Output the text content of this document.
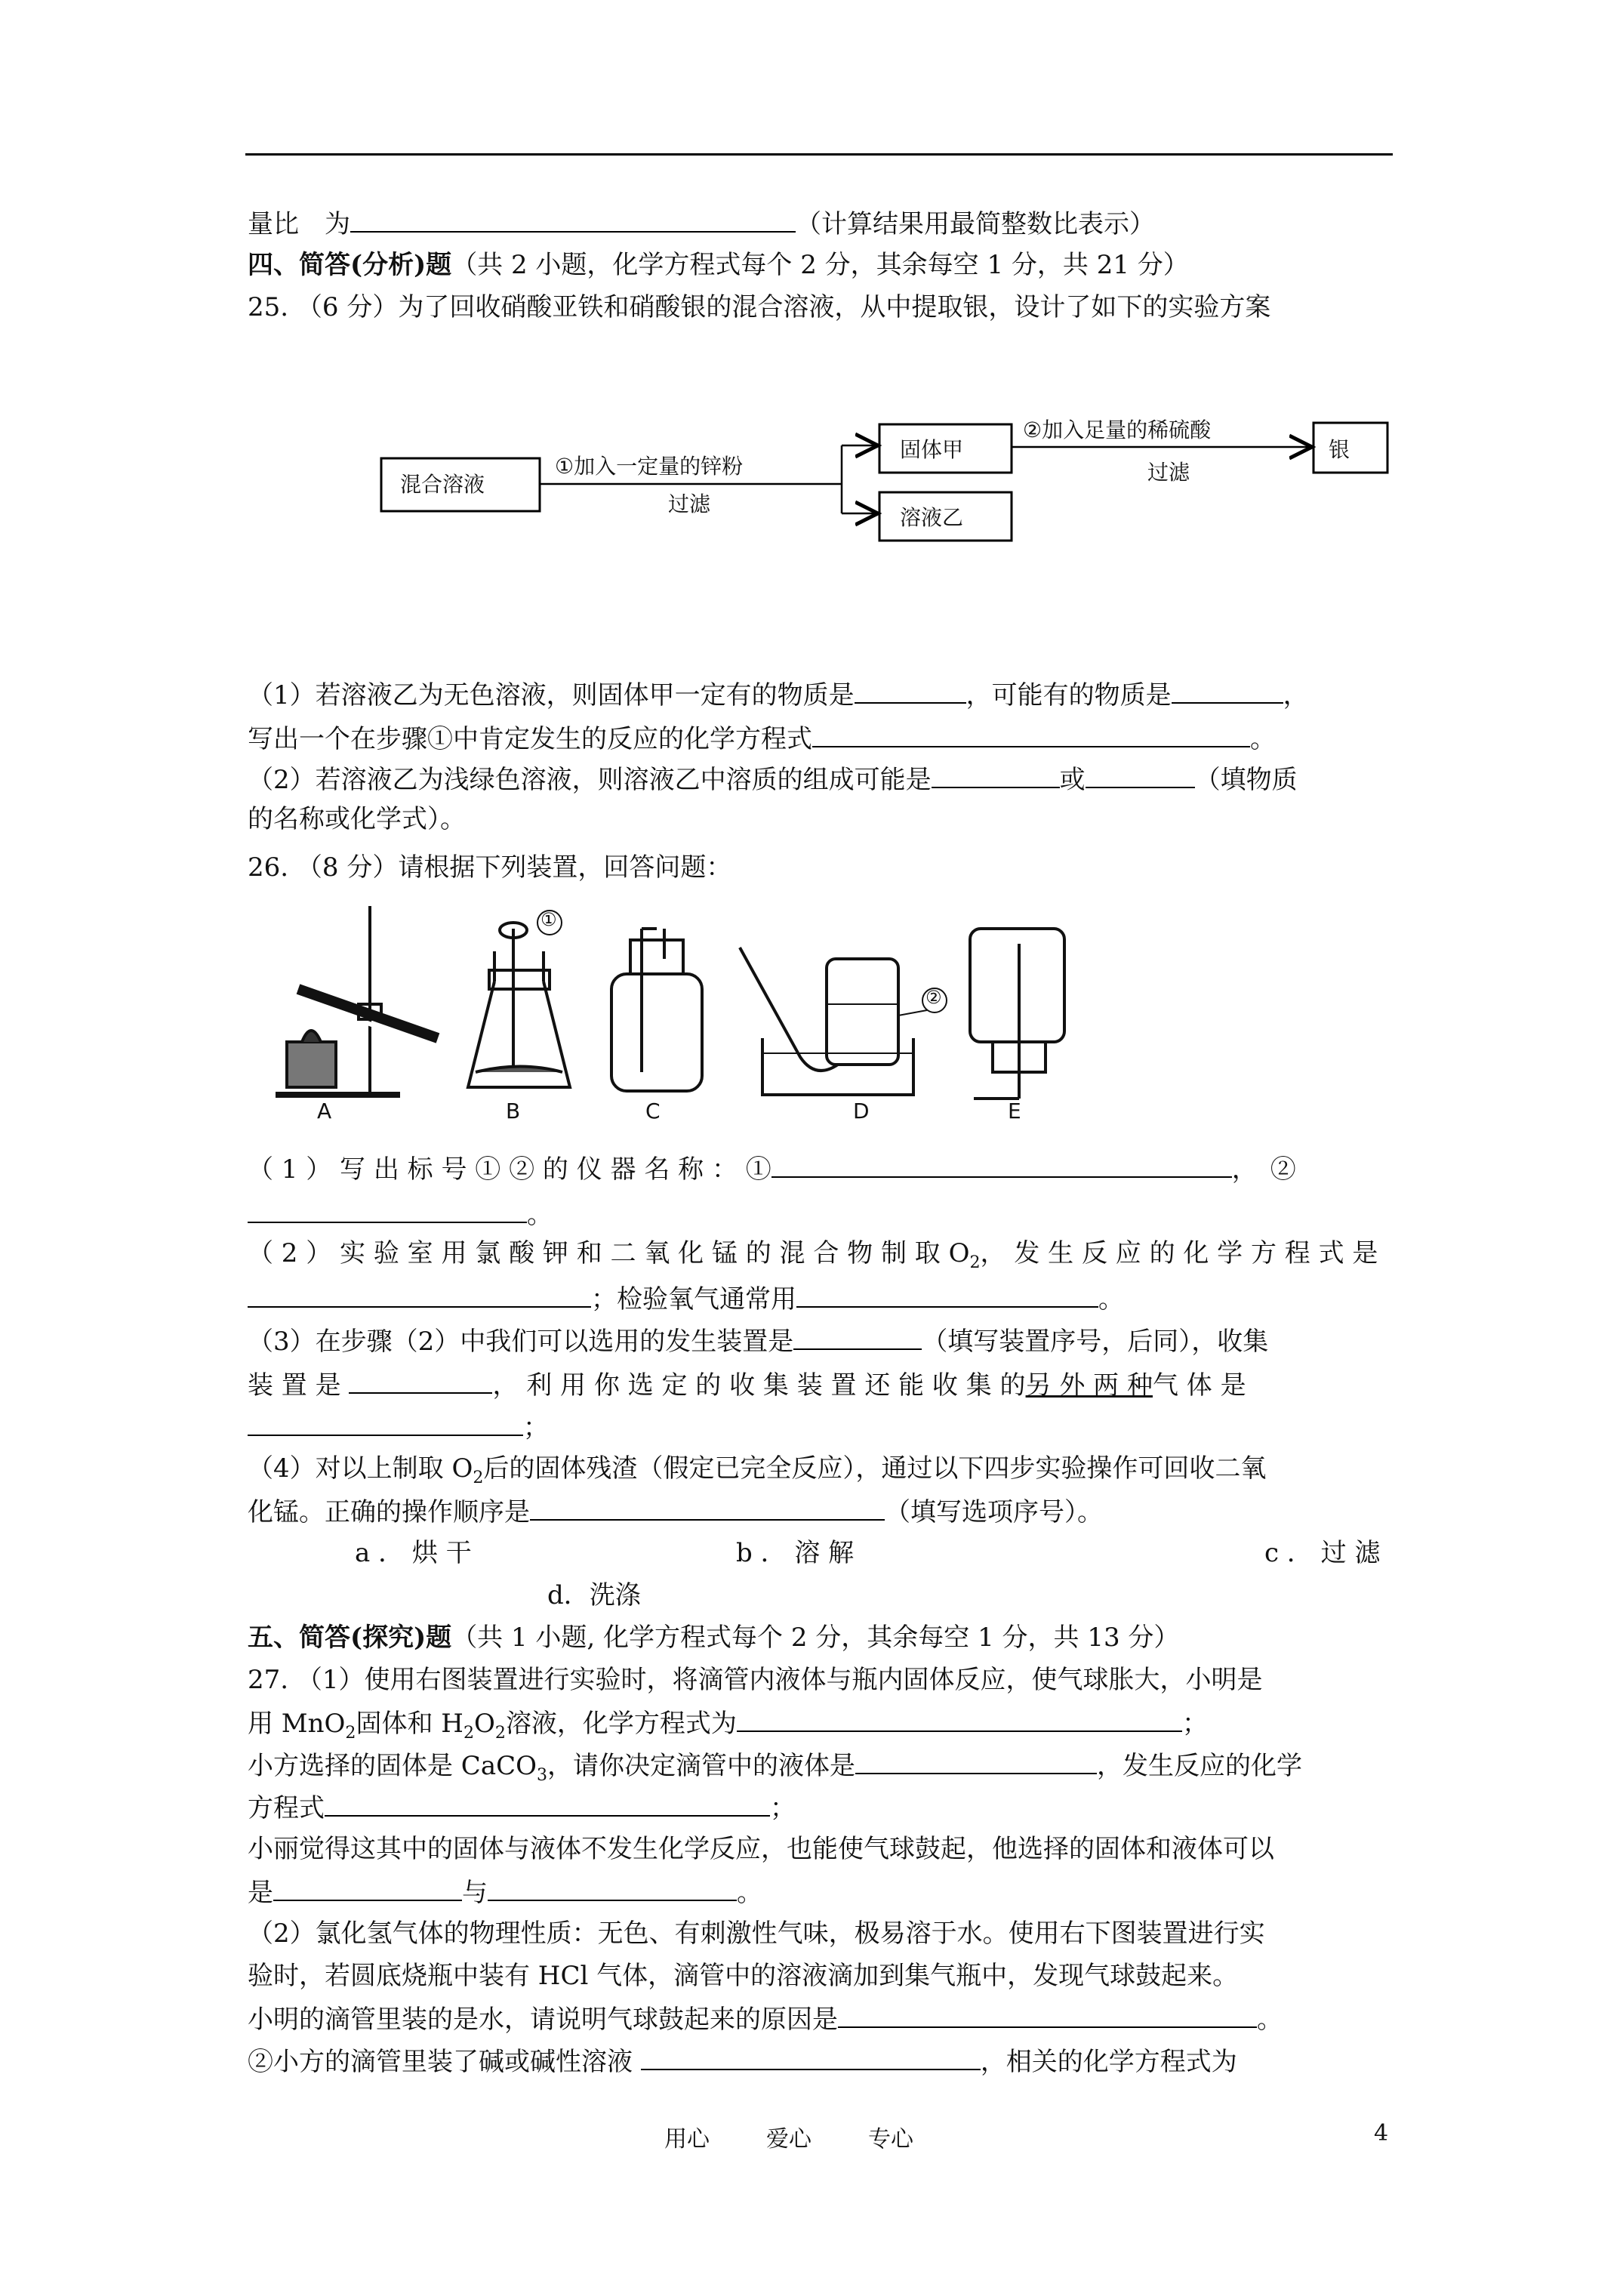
量比　为	（计算结果用最简整数比表示）
四、简答(分析)题（共 2 小题，化学方程式每个 2 分，其余每空 1 分，共 21 分）
25. （6 分）为了回收硝酸亚铁和硝酸银的混合溶液，从中提取银，设计了如下的实验方案
混合溶液
①加入一定量的锌粉
过滤
固体甲
溶液乙
②加入足量的稀硫酸
过滤
银
（1）若溶液乙为无色溶液，则固体甲一定有的物质是	，可能有的物质是	，
写出一个在步骤①中肯定发生的反应的化学方程式	。
（2）若溶液乙为浅绿色溶液，则溶液乙中溶质的组成可能是	或	（填物质
的名称或化学式）。
26. （8 分）请根据下列装置，回答问题：
A	B	C	D	E
①
②
（ 1 ） 写 出 标 号 ① ② 的 仪 器 名 称 ： ①	，　②
。
（ 2 ） 实 验 室 用 氯 酸 钾 和 二 氧 化 锰 的 混 合 物 制 取 $O_2$， 发 生 反 应 的 化 学 方 程 式 是
；检验氧气通常用	。
（3）在步骤（2）中我们可以选用的发生装置是	（填写装置序号，后同），收集
装 置 是	， 利 用 你 选 定 的 收 集 装 置 还 能 收 集 的另 外 两 种气 体 是
；
（4）对以上制取 $O_2$后的固体残渣（假定已完全反应），通过以下四步实验操作可回收二氧
化锰。正确的操作顺序是	（填写选项序号）。
a ． 烘 干	b ． 溶 解	c ． 过 滤
d．洗涤
五、简答(探究)题（共 1 小题, 化学方程式每个 2 分，其余每空 1 分，共 13 分）
27. （1）使用右图装置进行实验时，将滴管内液体与瓶内固体反应，使气球胀大，小明是
用 MnO$_2$固体和 $H_2O_2$溶液，化学方程式为	；
小方选择的固体是 CaCO$_3$，请你决定滴管中的液体是	，发生反应的化学
方程式	；
小丽觉得这其中的固体与液体不发生化学反应，也能使气球鼓起，他选择的固体和液体可以
是	与	。
（2）氯化氢气体的物理性质：无色、有刺激性气味，极易溶于水。使用右下图装置进行实
验时，若圆底烧瓶中装有 HCl 气体，滴管中的溶液滴加到集气瓶中，发现气球鼓起来。
小明的滴管里装的是水，请说明气球鼓起来的原因是	。
②小方的滴管里装了碱或碱性溶液	，相关的化学方程式为
用心	爱心	专心	4
